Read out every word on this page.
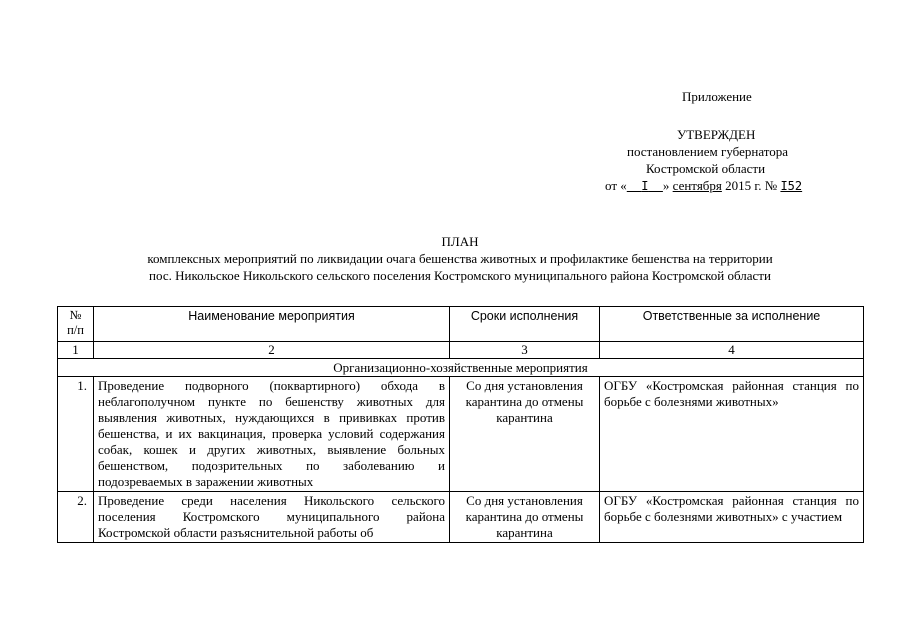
Приложение
УТВЕРЖДЕН
постановлением губернатора
Костромской области
от « I » сентября 2015 г. № I52
ПЛАН
комплексных мероприятий по ликвидации очага бешенства животных и профилактике бешенства на территории
пос. Никольское Никольского сельского поселения Костромского муниципального района Костромской области
№
п/п	Наименование мероприятия	Сроки исполнения	Ответственные за исполнение
1	2	3	4
Организационно-хозяйственные мероприятия			
1.	Проведение подворного (поквартирного) обхода в неблагополучном пункте по бешенству животных для выявления животных, нуждающихся в прививках против бешенства, и их вакцинация, проверка условий содержания собак, кошек и других животных, выявление больных бешенством, подозрительных по заболеванию и подозреваемых в заражении животных	Со дня установления карантина до отмены карантина	ОГБУ «Костромская районная станция по борьбе с болезнями животных»
2.	Проведение среди населения Никольского сельского поселения Костромского муниципального района Костромской области разъяснительной работы об	Со дня установления карантина до отмены карантина	ОГБУ «Костромская районная станция по борьбе с болезнями животных» с участием
